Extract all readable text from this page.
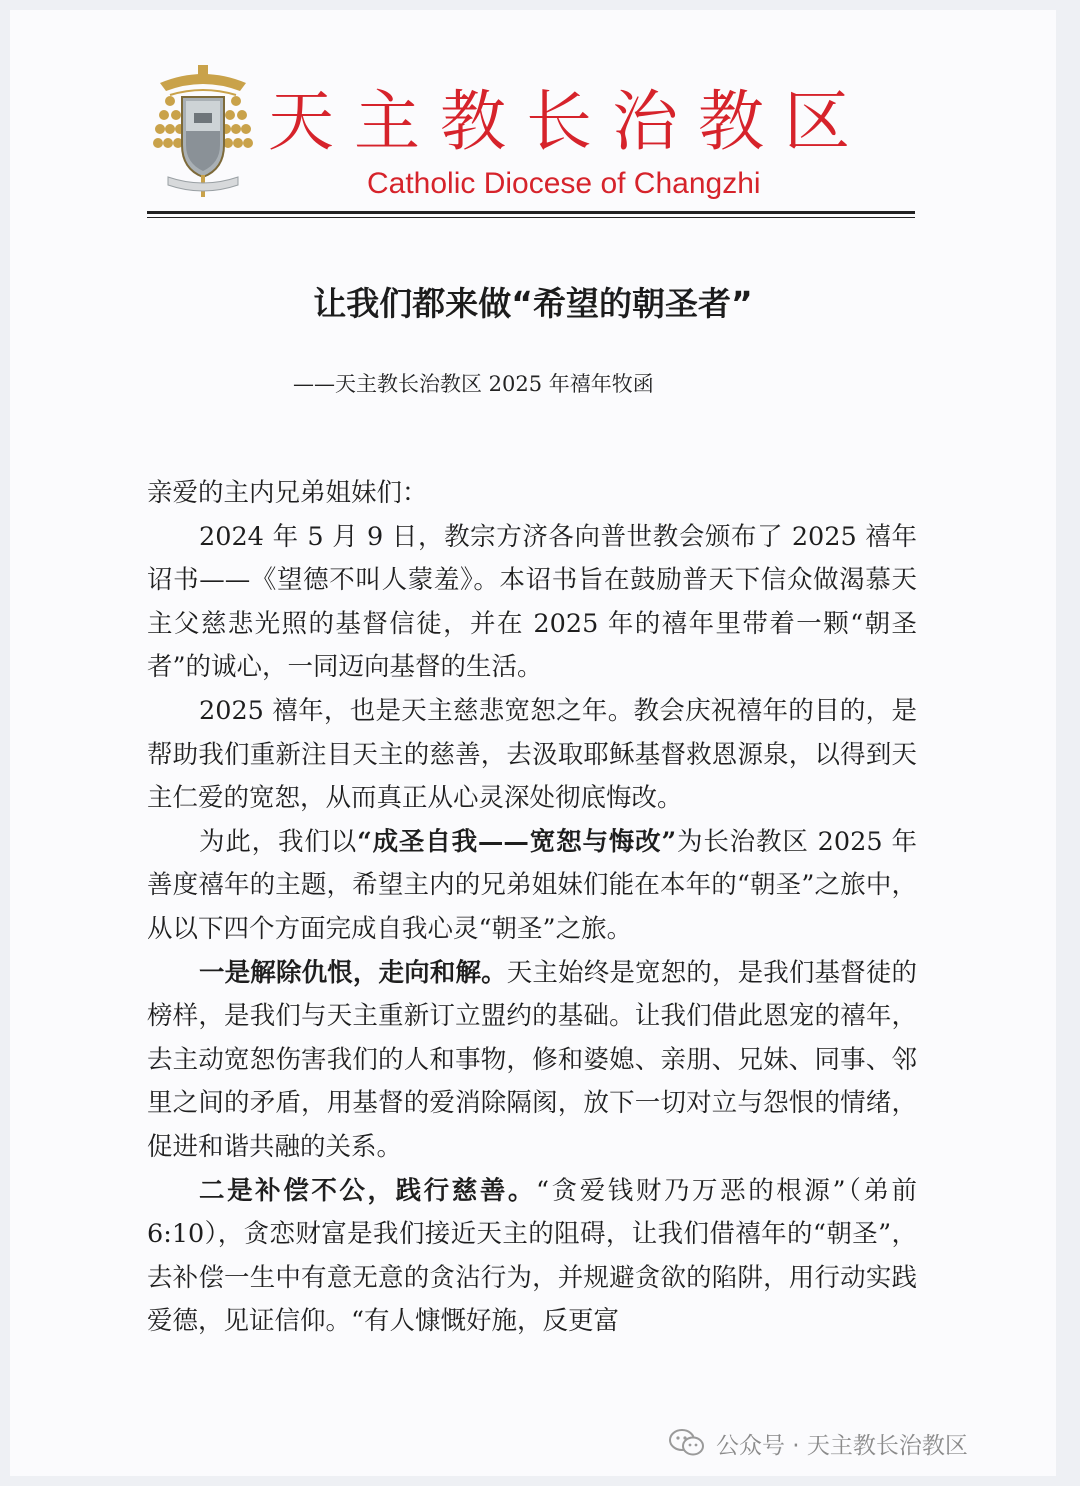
天主教长治教区
Catholic Diocese of Changzhi
让我们都来做“希望的朝圣者”
——天主教长治教区 2025 年禧年牧函

亲爱的主内兄弟姐妹们：

2024 年 5 月 9 日，教宗方济各向普世教会颁布了 2025 禧年诏书——《望德不叫人蒙羞》。本诏书旨在鼓励普天下信众做渴慕天主父慈悲光照的基督信徒，并在 2025 年的禧年里带着一颗“朝圣者”的诚心，一同迈向基督的生活。

2025 禧年，也是天主慈悲宽恕之年。教会庆祝禧年的目的，是帮助我们重新注目天主的慈善，去汲取耶稣基督救恩源泉，以得到天主仁爱的宽恕，从而真正从心灵深处彻底悔改。

为此，我们以“成圣自我——宽恕与悔改”为长治教区 2025 年善度禧年的主题，希望主内的兄弟姐妹们能在本年的“朝圣”之旅中，从以下四个方面完成自我心灵“朝圣”之旅。

一是解除仇恨，走向和解。天主始终是宽恕的，是我们基督徒的榜样，是我们与天主重新订立盟约的基础。让我们借此恩宠的禧年，去主动宽恕伤害我们的人和事物，修和婆媳、亲朋、兄妹、同事、邻里之间的矛盾，用基督的爱消除隔阂，放下一切对立与怨恨的情绪，促进和谐共融的关系。

二是补偿不公，践行慈善。“贪爱钱财乃万恶的根源”（弟前 6:10），贪恋财富是我们接近天主的阻碍，让我们借禧年的“朝圣”，去补偿一生中有意无意的贪沾行为，并规避贪欲的陷阱，用行动实践爱德，见证信仰。“有人慷慨好施，反更富

公众号 · 天主教长治教区
